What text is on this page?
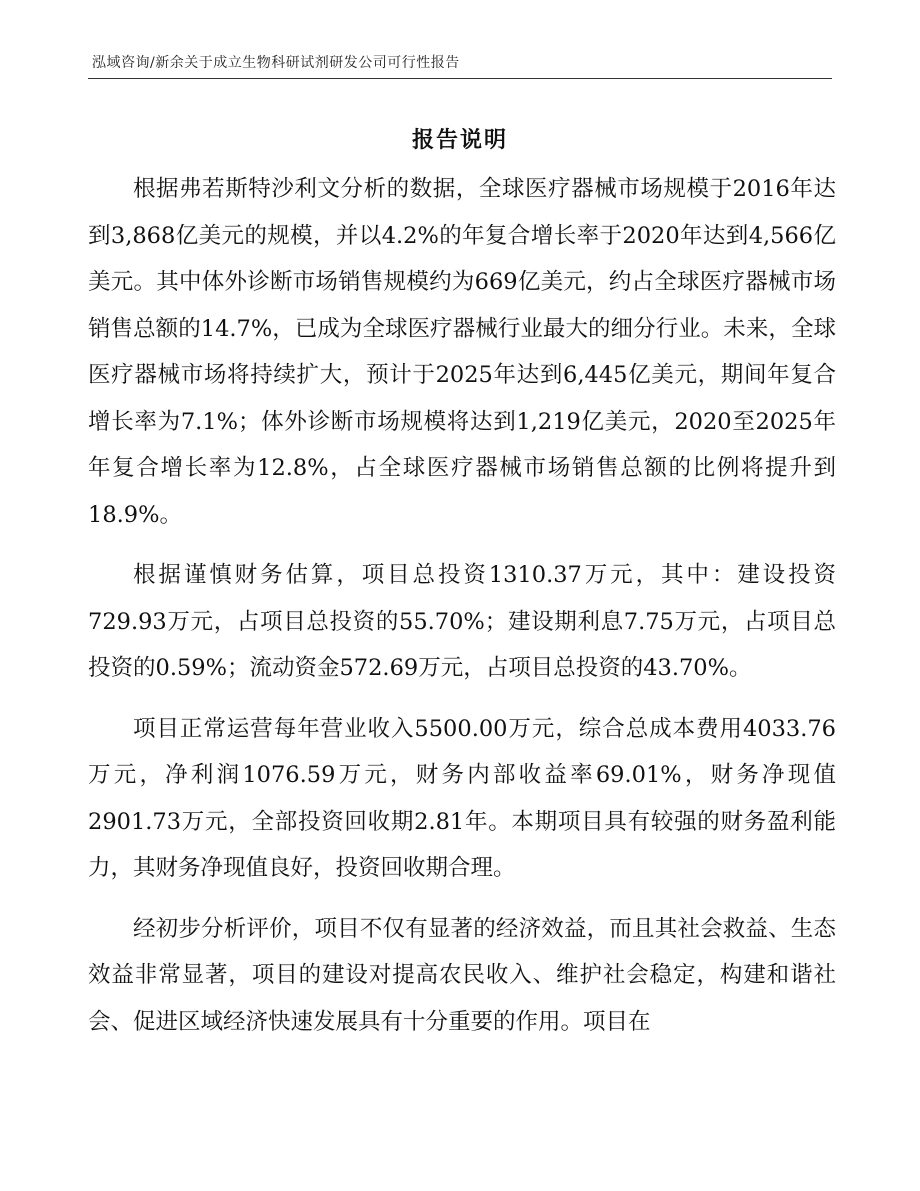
泓域咨询/新余关于成立生物科研试剂研发公司可行性报告
报告说明

根据弗若斯特沙利文分析的数据，全球医疗器械市场规模于2016年达到3,868亿美元的规模，并以4.2%的年复合增长率于2020年达到4,566亿美元。其中体外诊断市场销售规模约为669亿美元，约占全球医疗器械市场销售总额的14.7%，已成为全球医疗器械行业最大的细分行业。未来，全球医疗器械市场将持续扩大，预计于2025年达到6,445亿美元，期间年复合增长率为7.1%；体外诊断市场规模将达到1,219亿美元，2020至2025年年复合增长率为12.8%，占全球医疗器械市场销售总额的比例将提升到18.9%。

根据谨慎财务估算，项目总投资1310.37万元，其中：建设投资729.93万元，占项目总投资的55.70%；建设期利息7.75万元，占项目总投资的0.59%；流动资金572.69万元，占项目总投资的43.70%。

项目正常运营每年营业收入5500.00万元，综合总成本费用4033.76万元，净利润1076.59万元，财务内部收益率69.01%，财务净现值2901.73万元，全部投资回收期2.81年。本期项目具有较强的财务盈利能力，其财务净现值良好，投资回收期合理。

经初步分析评价，项目不仅有显著的经济效益，而且其社会救益、生态效益非常显著，项目的建设对提高农民收入、维护社会稳定，构建和谐社会、促进区域经济快速发展具有十分重要的作用。项目在
